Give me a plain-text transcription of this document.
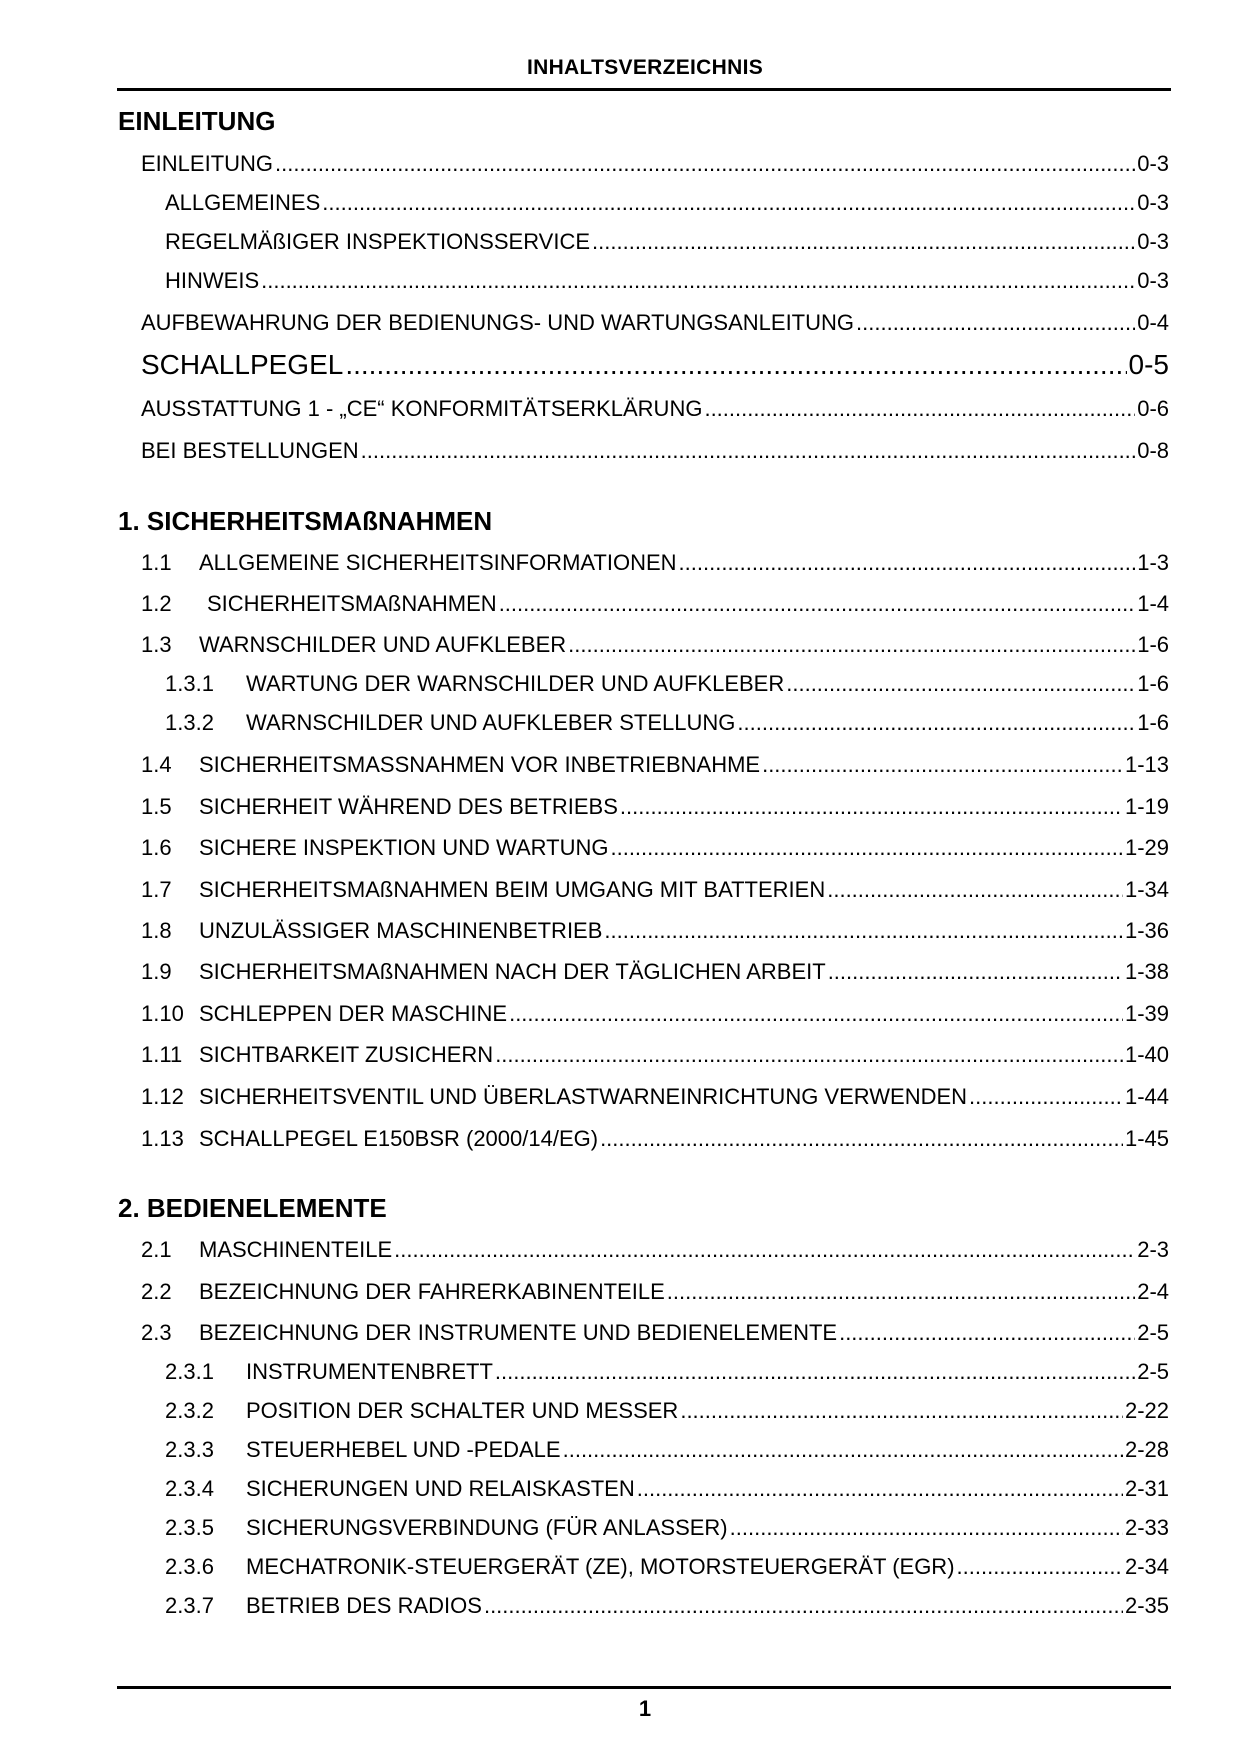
INHALTSVERZEICHNIS
EINLEITUNG
EINLEITUNG .....	0-3
ALLGEMEINES .....	0-3
REGELMÄßIGER INSPEKTIONSSERVICE .....	0-3
HINWEIS .....	0-3
AUFBEWAHRUNG DER BEDIENUNGS- UND WARTUNGSANLEITUNG .....	0-4
SCHALLPEGEL .....	0-5
AUSSTATTUNG 1 - „CE“ KONFORMITÄTSERKLÄRUNG .....	0-6
BEI BESTELLUNGEN .....	0-8
1. SICHERHEITSMAßNAHMEN
1.1	ALLGEMEINE SICHERHEITSINFORMATIONEN .....	1-3
1.2	SICHERHEITSMAßNAHMEN .....	1-4
1.3	WARNSCHILDER UND AUFKLEBER .....	1-6
1.3.1	WARTUNG DER WARNSCHILDER UND AUFKLEBER .....	1-6
1.3.2	WARNSCHILDER UND AUFKLEBER STELLUNG .....	1-6
1.4	SICHERHEITSMASSNAHMEN VOR INBETRIEBNAHME .....	1-13
1.5	SICHERHEIT WÄHREND DES BETRIEBS .....	1-19
1.6	SICHERE INSPEKTION UND WARTUNG .....	1-29
1.7	SICHERHEITSMAßNAHMEN BEIM UMGANG MIT BATTERIEN .....	1-34
1.8	UNZULÄSSIGER MASCHINENBETRIEB .....	1-36
1.9	SICHERHEITSMAßNAHMEN NACH DER TÄGLICHEN ARBEIT .....	1-38
1.10 SCHLEPPEN DER MASCHINE .....	1-39
1.11 SICHTBARKEIT ZUSICHERN .....	1-40
1.12 SICHERHEITSVENTIL UND ÜBERLASTWARNEINRICHTUNG VERWENDEN .....	1-44
1.13 SCHALLPEGEL E150BSR (2000/14/EG) .....	1-45
2. BEDIENELEMENTE
2.1	MASCHINENTEILE .....	2-3
2.2	BEZEICHNUNG DER FAHRERKABINENTEILE .....	2-4
2.3	BEZEICHNUNG DER INSTRUMENTE UND BEDIENELEMENTE .....	2-5
2.3.1	INSTRUMENTENBRETT .....	2-5
2.3.2	POSITION DER SCHALTER UND MESSER .....	2-22
2.3.3	STEUERHEBEL UND -PEDALE .....	2-28
2.3.4	SICHERUNGEN UND RELAISKASTEN .....	2-31
2.3.5	SICHERUNGSVERBINDUNG (FÜR ANLASSER) .....	2-33
2.3.6	MECHATRONIK-STEUERGERÄT (ZE), MOTORSTEUERGERÄT (EGR) .....	2-34
2.3.7	BETRIEB DES RADIOS .....	2-35
1
